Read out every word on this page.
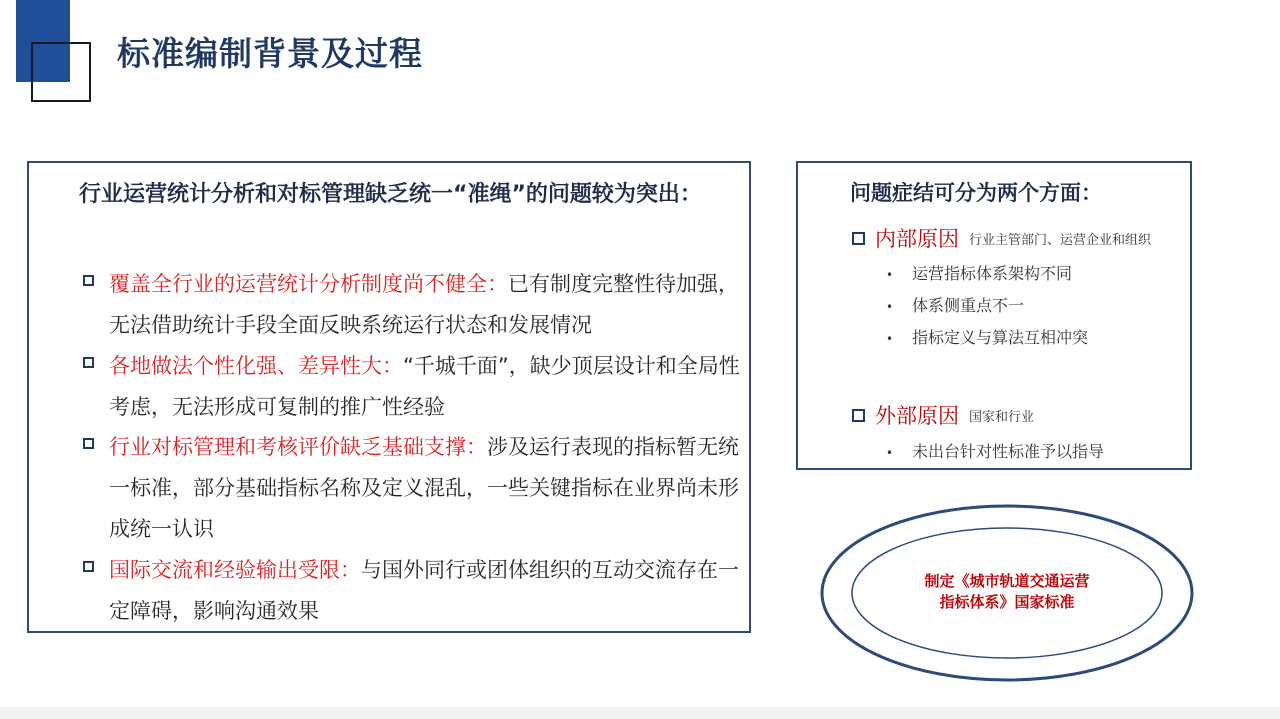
标准编制背景及过程

行业运营统计分析和对标管理缺乏统一“准绳”的问题较为突出：

覆盖全行业的运营统计分析制度尚不健全：已有制度完整性待加强，无法借助统计手段全面反映系统运行状态和发展情况

各地做法个性化强、差异性大：“千城千面”，缺少顶层设计和全局性考虑，无法形成可复制的推广性经验

行业对标管理和考核评价缺乏基础支撑：涉及运行表现的指标暂无统一标准，部分基础指标名称及定义混乱，一些关键指标在业界尚未形成统一认识

国际交流和经验输出受限：与国外同行或团体组织的互动交流存在一定障碍，影响沟通效果

问题症结可分为两个方面：
内部原因 行业主管部门、运营企业和组织
• 运营指标体系架构不同
• 体系侧重点不一
• 指标定义与算法互相冲突
外部原因 国家和行业
• 未出台针对性标准予以指导
制定《城市轨道交通运营
指标体系》国家标准
